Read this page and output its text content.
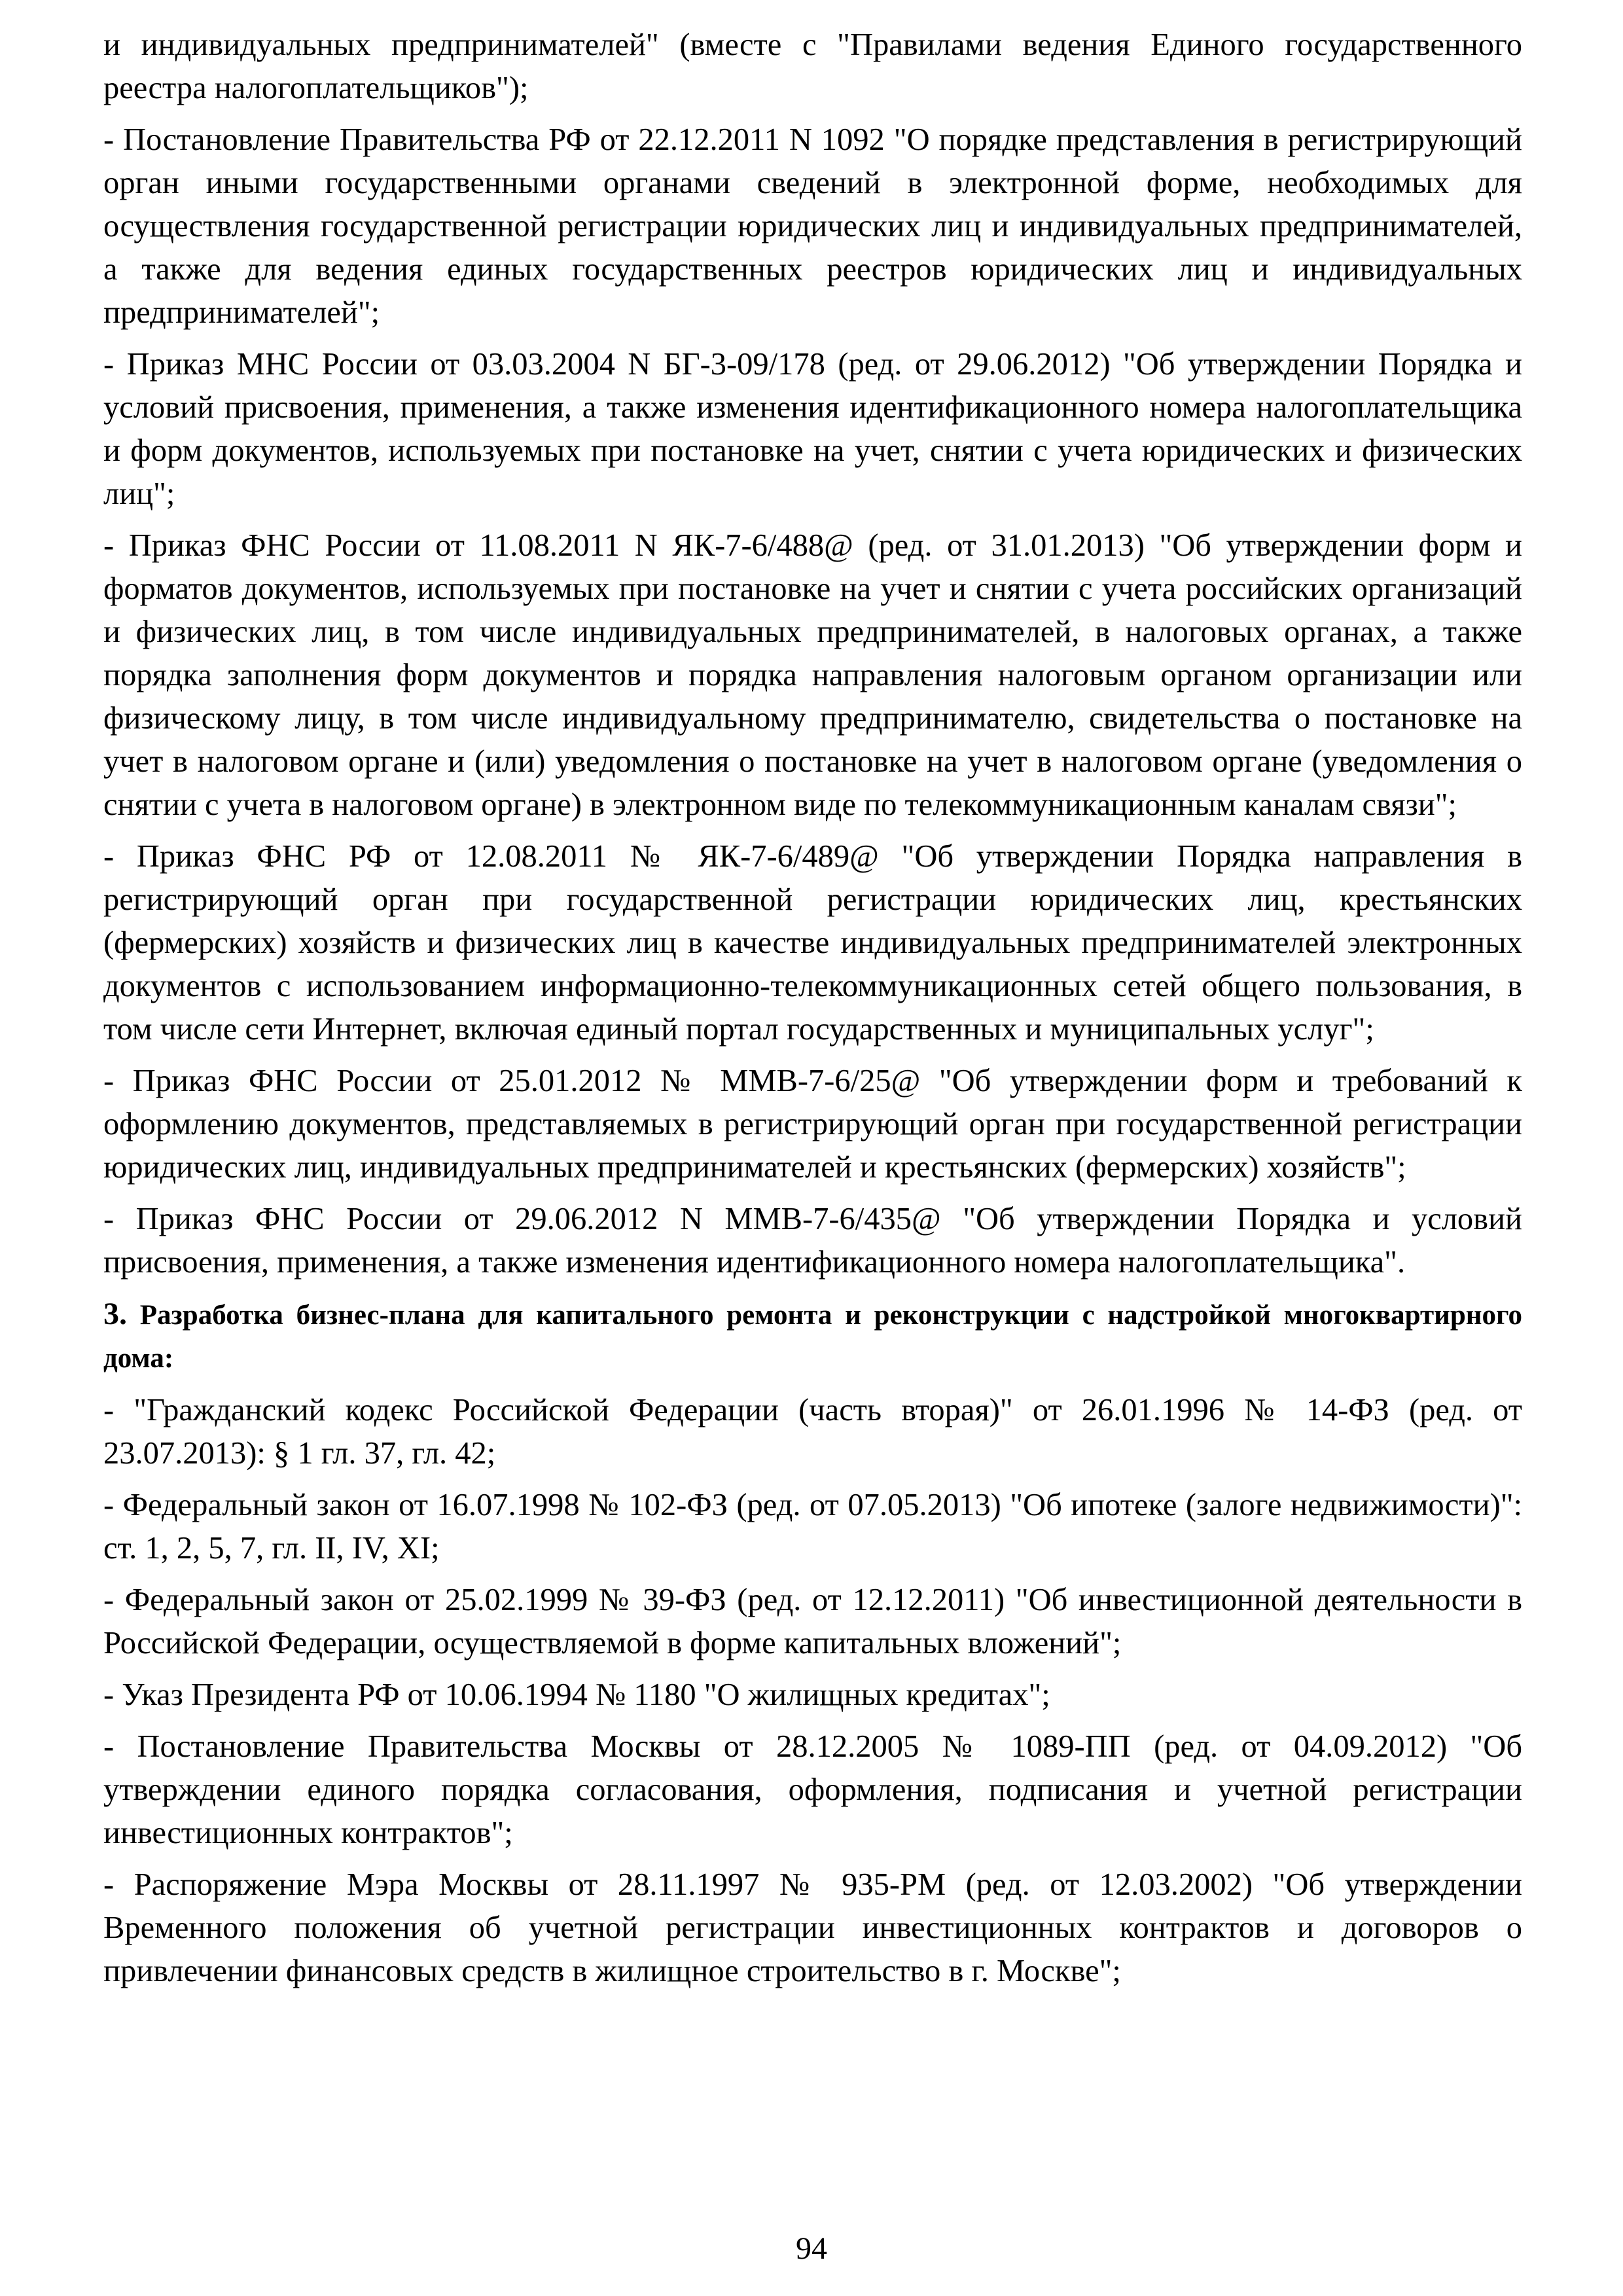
и индивидуальных предпринимателей" (вместе с "Правилами ведения Единого государственного реестра налогоплательщиков");

- Постановление Правительства РФ от 22.12.2011 N 1092 "О порядке представления в регистрирующий орган иными государственными органами сведений в электронной форме, необходимых для осуществления государственной регистрации юридических лиц и индивидуальных предпринимателей, а также для ведения единых государственных реестров юридических лиц и индивидуальных предпринимателей";

- Приказ МНС России от 03.03.2004 N БГ-3-09/178 (ред. от 29.06.2012) "Об утверждении Порядка и условий присвоения, применения, а также изменения идентификационного номера налогоплательщика и форм документов, используемых при постановке на учет, снятии с учета юридических и физических лиц";

- Приказ ФНС России от 11.08.2011 N ЯК-7-6/488@ (ред. от 31.01.2013) "Об утверждении форм и форматов документов, используемых при постановке на учет и снятии с учета российских организаций и физических лиц, в том числе индивидуальных предпринимателей, в налоговых органах, а также порядка заполнения форм документов и порядка направления налоговым органом организации или физическому лицу, в том числе индивидуальному предпринимателю, свидетельства о постановке на учет в налоговом органе и (или) уведомления о постановке на учет в налоговом органе (уведомления о снятии с учета в налоговом органе) в электронном виде по телекоммуникационным каналам связи";

- Приказ ФНС РФ от 12.08.2011 № ЯК-7-6/489@ "Об утверждении Порядка направления в регистрирующий орган при государственной регистрации юридических лиц, крестьянских (фермерских) хозяйств и физических лиц в качестве индивидуальных предпринимателей электронных документов с использованием информационно-телекоммуникационных сетей общего пользования, в том числе сети Интернет, включая единый портал государственных и муниципальных услуг";

- Приказ ФНС России от 25.01.2012 № ММВ-7-6/25@ "Об утверждении форм и требований к оформлению документов, представляемых в регистрирующий орган при государственной регистрации юридических лиц, индивидуальных предпринимателей и крестьянских (фермерских) хозяйств";

- Приказ ФНС России от 29.06.2012 N ММВ-7-6/435@ "Об утверждении Порядка и условий присвоения, применения, а также изменения идентификационного номера налогоплательщика".

3. Разработка бизнес-плана для капитального ремонта и реконструкции с надстройкой многоквартирного дома:

- "Гражданский кодекс Российской Федерации (часть вторая)" от 26.01.1996 № 14-ФЗ (ред. от 23.07.2013): § 1 гл. 37, гл. 42;

- Федеральный закон от 16.07.1998 № 102-ФЗ (ред. от 07.05.2013) "Об ипотеке (залоге недвижимости)": ст. 1, 2, 5, 7, гл. II, IV, XI;

- Федеральный закон от 25.02.1999 № 39-ФЗ (ред. от 12.12.2011) "Об инвестиционной деятельности в Российской Федерации, осуществляемой в форме капитальных вложений";

- Указ Президента РФ от 10.06.1994 № 1180 "О жилищных кредитах";

- Постановление Правительства Москвы от 28.12.2005 № 1089-ПП (ред. от 04.09.2012) "Об утверждении единого порядка согласования, оформления, подписания и учетной регистрации инвестиционных контрактов";

- Распоряжение Мэра Москвы от 28.11.1997 № 935-РМ (ред. от 12.03.2002) "Об утверждении Временного положения об учетной регистрации инвестиционных контрактов и договоров о привлечении финансовых средств в жилищное строительство в г. Москве";

94
